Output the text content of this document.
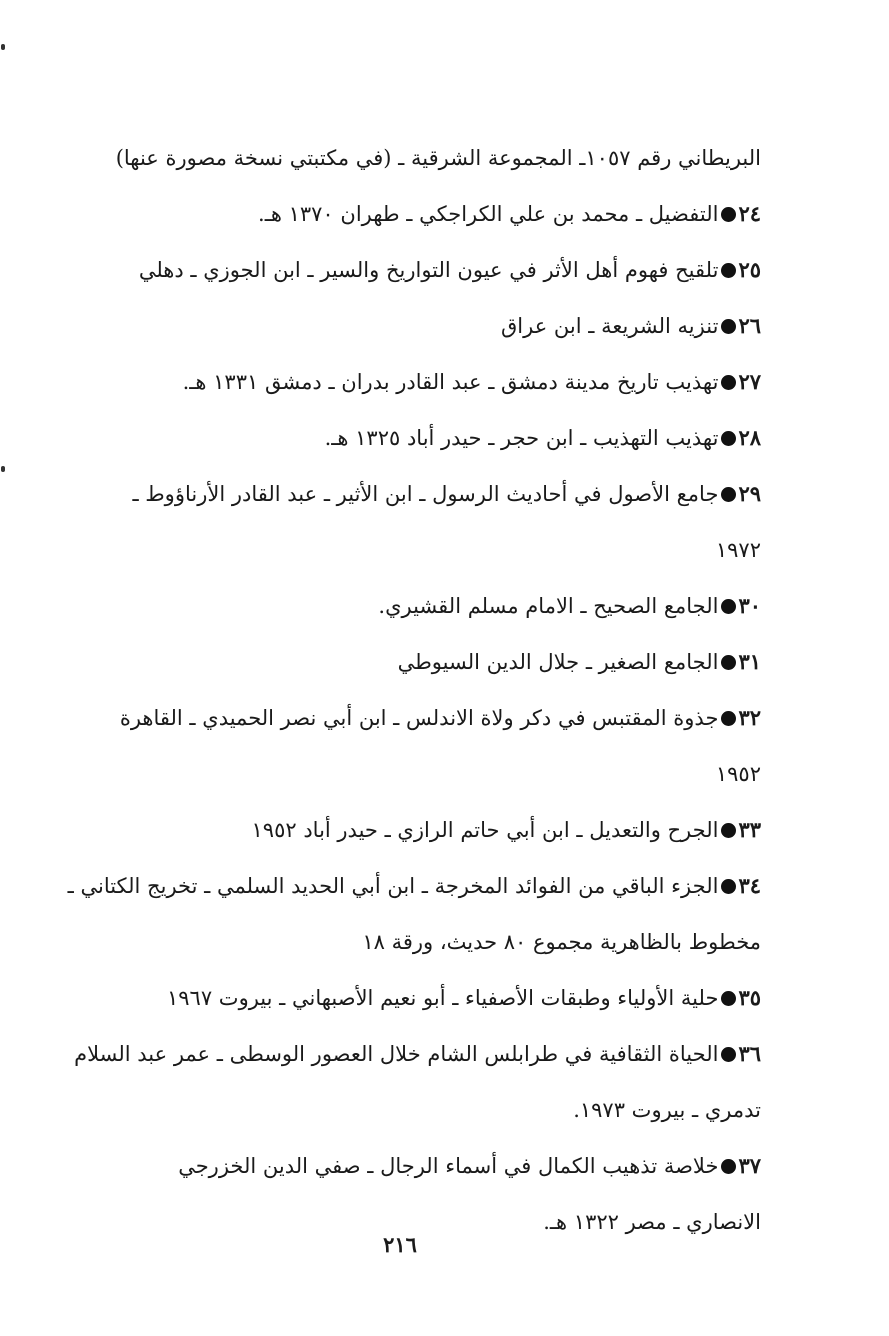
البريطاني رقم ١٠٥٧ـ المجموعة الشرقية ـ (في مكتبتي نسخة مصورة عنها)
٢٤التفضيل ـ محمد بن علي الكراجكي ـ طهران ١٣٧٠ هـ.
٢٥تلقيح فهوم أهل الأثر في عيون التواريخ والسير ـ ابن الجوزي ـ دهلي
٢٦تنزيه الشريعة ـ ابن عراق
٢٧تهذيب تاريخ مدينة دمشق ـ عبد القادر بدران ـ دمشق ١٣٣١ هـ.
٢٨تهذيب التهذيب ـ ابن حجر ـ حيدر أباد ١٣٢٥ هـ.
٢٩جامع الأصول في أحاديث الرسول ـ ابن الأثير ـ عبد القادر الأرناؤوط ـ
١٩٧٢
٣٠الجامع الصحيح ـ الامام مسلم القشيري.
٣١الجامع الصغير ـ جلال الدين السيوطي
٣٢جذوة المقتبس في دكر ولاة الاندلس ـ ابن أبي نصر الحميدي ـ القاهرة
١٩٥٢
٣٣الجرح والتعديل ـ ابن أبي حاتم الرازي ـ حيدر أباد ١٩٥٢
٣٤الجزء الباقي من الفوائد المخرجة ـ ابن أبي الحديد السلمي ـ تخريج الكتاني ـ
مخطوط بالظاهرية مجموع ٨٠ حديث، ورقة ١٨
٣٥حلية الأولياء وطبقات الأصفياء ـ أبو نعيم الأصبهاني ـ بيروت ١٩٦٧
٣٦الحياة الثقافية في طرابلس الشام خلال العصور الوسطى ـ عمر عبد السلام
تدمري ـ بيروت ١٩٧٣.
٣٧خلاصة تذهيب الكمال في أسماء الرجال ـ صفي الدين الخزرجي
الانصاري ـ مصر ١٣٢٢ هـ.
٢١٦
